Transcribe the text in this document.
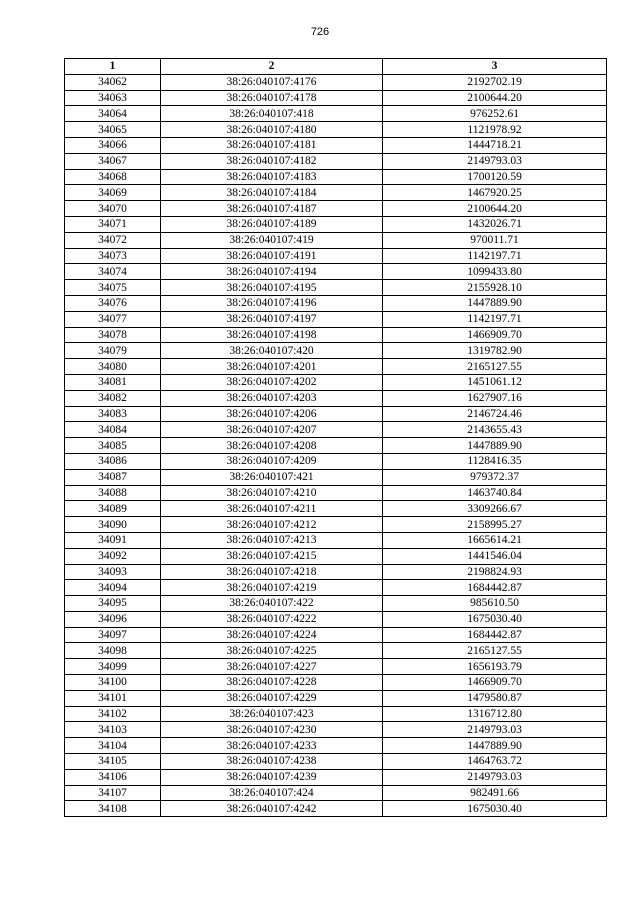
726
1	2	3
34062	38:26:040107:4176	2192702.19
34063	38:26:040107:4178	2100644.20
34064	38:26:040107:418	976252.61
34065	38:26:040107:4180	1121978.92
34066	38:26:040107:4181	1444718.21
34067	38:26:040107:4182	2149793.03
34068	38:26:040107:4183	1700120.59
34069	38:26:040107:4184	1467920.25
34070	38:26:040107:4187	2100644.20
34071	38:26:040107:4189	1432026.71
34072	38:26:040107:419	970011.71
34073	38:26:040107:4191	1142197.71
34074	38:26:040107:4194	1099433.80
34075	38:26:040107:4195	2155928.10
34076	38:26:040107:4196	1447889.90
34077	38:26:040107:4197	1142197.71
34078	38:26:040107:4198	1466909.70
34079	38:26:040107:420	1319782.90
34080	38:26:040107:4201	2165127.55
34081	38:26:040107:4202	1451061.12
34082	38:26:040107:4203	1627907.16
34083	38:26:040107:4206	2146724.46
34084	38:26:040107:4207	2143655.43
34085	38:26:040107:4208	1447889.90
34086	38:26:040107:4209	1128416.35
34087	38:26:040107:421	979372.37
34088	38:26:040107:4210	1463740.84
34089	38:26:040107:4211	3309266.67
34090	38:26:040107:4212	2158995.27
34091	38:26:040107:4213	1665614.21
34092	38:26:040107:4215	1441546.04
34093	38:26:040107:4218	2198824.93
34094	38:26:040107:4219	1684442.87
34095	38:26:040107:422	985610.50
34096	38:26:040107:4222	1675030.40
34097	38:26:040107:4224	1684442.87
34098	38:26:040107:4225	2165127.55
34099	38:26:040107:4227	1656193.79
34100	38:26:040107:4228	1466909.70
34101	38:26:040107:4229	1479580.87
34102	38:26:040107:423	1316712.80
34103	38:26:040107:4230	2149793.03
34104	38:26:040107:4233	1447889.90
34105	38:26:040107:4238	1464763.72
34106	38:26:040107:4239	2149793.03
34107	38:26:040107:424	982491.66
34108	38:26:040107:4242	1675030.40
